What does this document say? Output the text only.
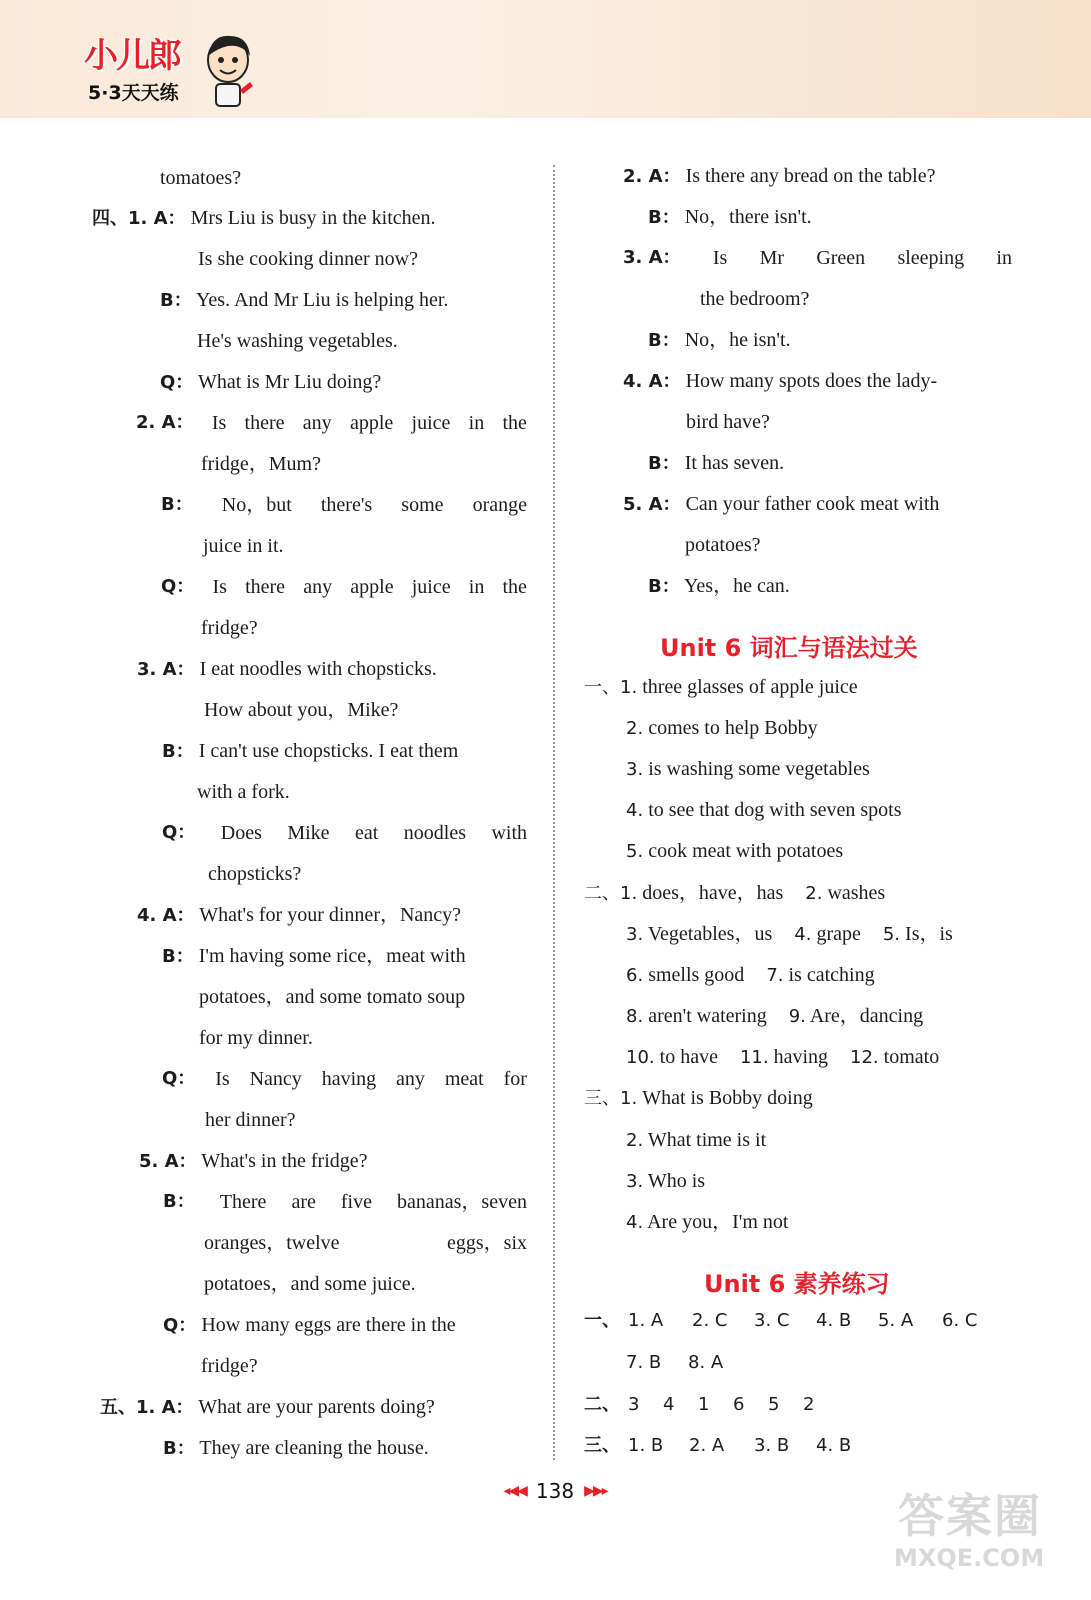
小儿郎
5·3天天练
tomatoes?
四、1. A： Mrs Liu is busy in the kitchen.
Is she cooking dinner now?
B： Yes. And Mr Liu is helping her.
He's washing vegetables.
Q： What is Mr Liu doing?
2. A： Is there any apple juice in the
fridge，Mum?
B： No，but there's some orange
juice in it.
Q： Is there any apple juice in the
fridge?
3. A： I eat noodles with chopsticks.
How about you，Mike?
B： I can't use chopsticks. I eat them
with a fork.
Q： Does Mike eat noodles with
chopsticks?
4. A： What's for your dinner，Nancy?
B： I'm having some rice，meat with
potatoes，and some tomato soup
for my dinner.
Q： Is Nancy having any meat for
her dinner?
5. A： What's in the fridge?
B： There are five bananas，seven
oranges，twelve	eggs，six
potatoes，and some juice.
Q： How many eggs are there in the
fridge?
五、1. A： What are your parents doing?
B： They are cleaning the house.
2. A： Is there any bread on the table?
B： No，there isn't.
3. A： Is Mr Green sleeping in
the bedroom?
B： No，he isn't.
4. A： How many spots does the lady-
bird have?
B： It has seven.
5. A： Can your father cook meat with
potatoes?
B： Yes，he can.
Unit 6 词汇与语法过关
一、1. three glasses of apple juice
2. comes to help Bobby
3. is washing some vegetables
4. to see that dog with seven spots
5. cook meat with potatoes
二、1. does，have，has 2. washes
3. Vegetables，us 4. grape 5. Is，is
6. smells good 7. is catching
8. aren't watering 9. Are，dancing
10. to have 11. having 12. tomato
三、1. What is Bobby doing
2. What time is it
3. Who is
4. Are you，I'm not
Unit 6 素养练习
一、 1. A 2. C 3. C 4. B 5. A 6. C
7. B 8. A
二、 3 4 1 6 5 2
三、 1. B 2. A 3. B 4. B
◂◀◀ 138 ▶▶▸	答案圈
MXQE.COM
